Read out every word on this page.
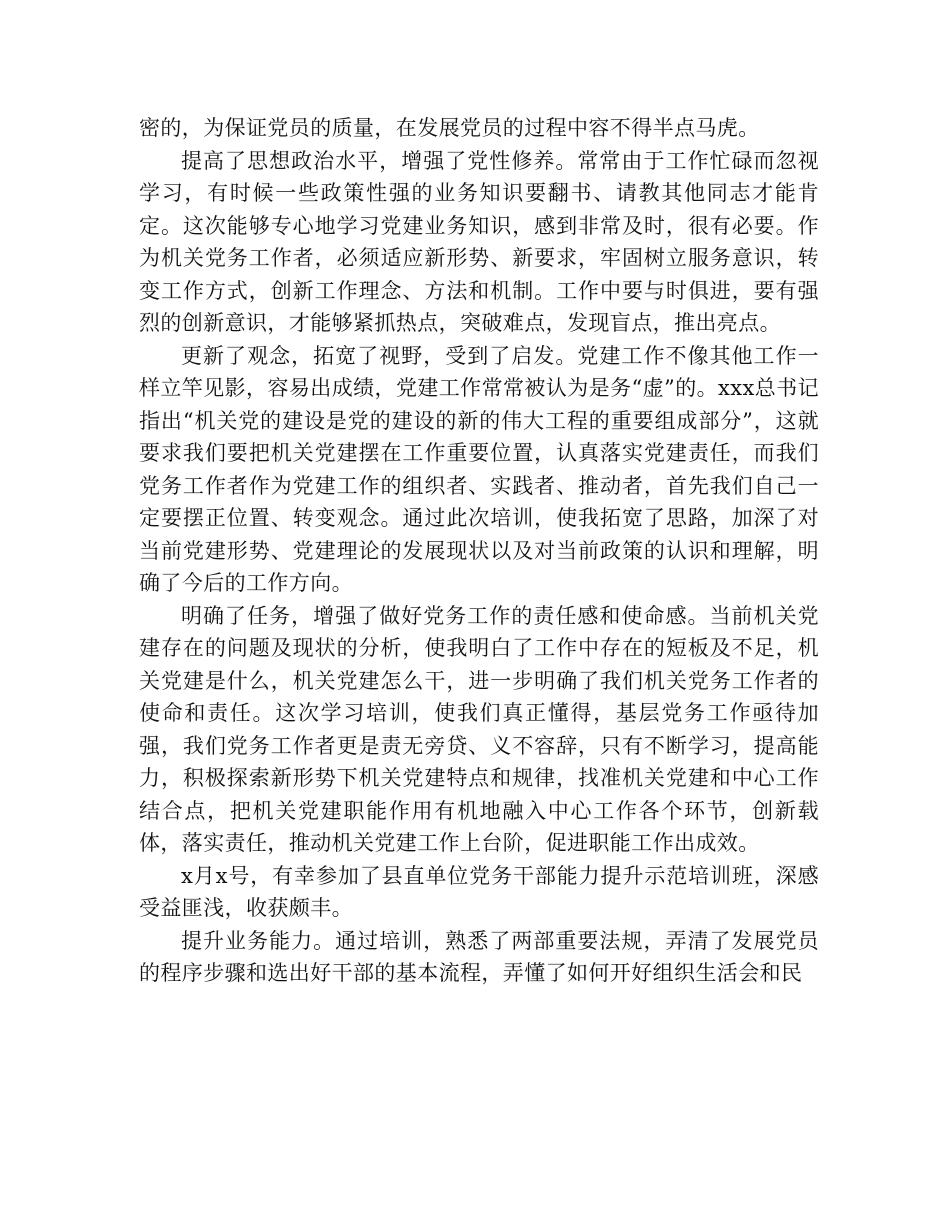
密的，为保证党员的质量，在发展党员的过程中容不得半点马虎。

提高了思想政治水平，增强了党性修养。常常由于工作忙碌而忽视学习，有时候一些政策性强的业务知识要翻书、请教其他同志才能肯定。这次能够专心地学习党建业务知识，感到非常及时，很有必要。作为机关党务工作者，必须适应新形势、新要求，牢固树立服务意识，转变工作方式，创新工作理念、方法和机制。工作中要与时俱进，要有强烈的创新意识，才能够紧抓热点，突破难点，发现盲点，推出亮点。

更新了观念，拓宽了视野，受到了启发。党建工作不像其他工作一样立竿见影，容易出成绩，党建工作常常被认为是务“虚”的。xxx总书记指出“机关党的建设是党的建设的新的伟大工程的重要组成部分”，这就要求我们要把机关党建摆在工作重要位置，认真落实党建责任，而我们党务工作者作为党建工作的组织者、实践者、推动者，首先我们自己一定要摆正位置、转变观念。通过此次培训，使我拓宽了思路，加深了对当前党建形势、党建理论的发展现状以及对当前政策的认识和理解，明确了今后的工作方向。

明确了任务，增强了做好党务工作的责任感和使命感。当前机关党建存在的问题及现状的分析，使我明白了工作中存在的短板及不足，机关党建是什么，机关党建怎么干，进一步明确了我们机关党务工作者的使命和责任。这次学习培训，使我们真正懂得，基层党务工作亟待加强，我们党务工作者更是责无旁贷、义不容辞，只有不断学习，提高能力，积极探索新形势下机关党建特点和规律，找准机关党建和中心工作结合点，把机关党建职能作用有机地融入中心工作各个环节，创新载体，落实责任，推动机关党建工作上台阶，促进职能工作出成效。

x月x号，有幸参加了县直单位党务干部能力提升示范培训班，深感受益匪浅，收获颇丰。

提升业务能力。通过培训，熟悉了两部重要法规，弄清了发展党员的程序步骤和选出好干部的基本流程，弄懂了如何开好组织生活会和民
